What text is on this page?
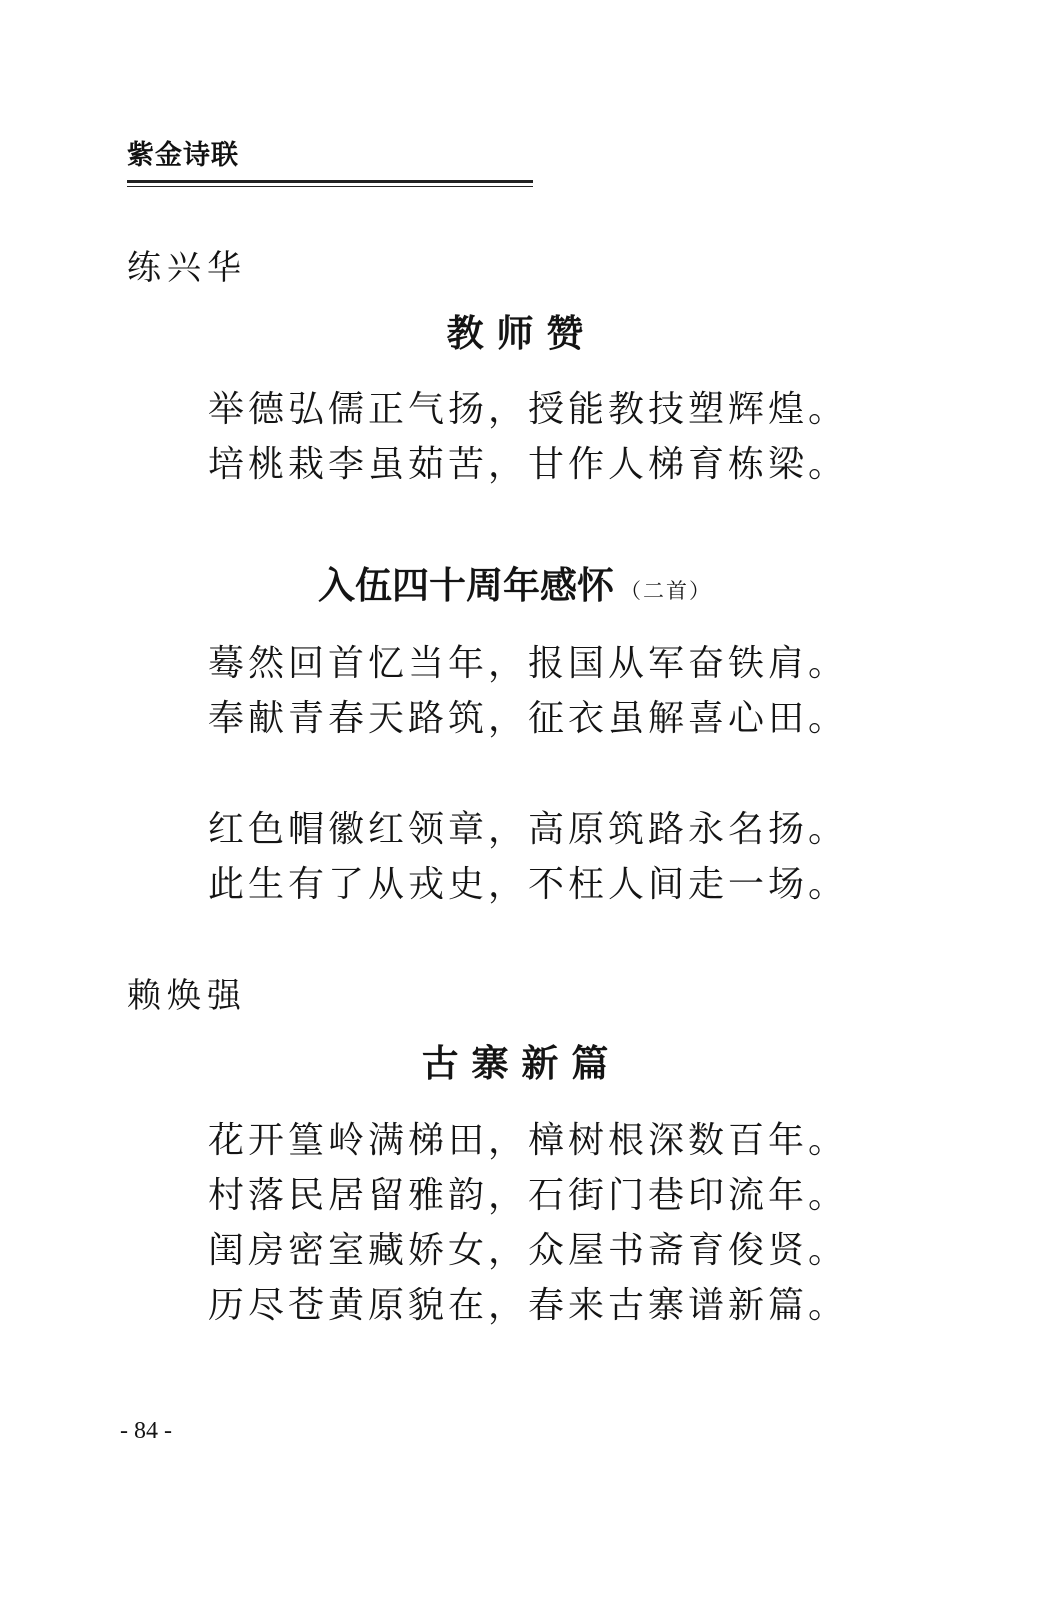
紫金诗联
练兴华
教 师 赞
举德弘儒正气扬，授能教技塑辉煌。
培桃栽李虽茹苦，甘作人梯育栋梁。
入伍四十周年感怀 （二首）
蓦然回首忆当年，报国从军奋铁肩。
奉献青春天路筑，征衣虽解喜心田。
红色帽徽红领章，高原筑路永名扬。
此生有了从戎史，不枉人间走一场。
赖焕强
古 寨 新 篇
花开篁岭满梯田，樟树根深数百年。
村落民居留雅韵，石街门巷印流年。
闺房密室藏娇女，众屋书斋育俊贤。
历尽苍黄原貌在，春来古寨谱新篇。
- 84 -
